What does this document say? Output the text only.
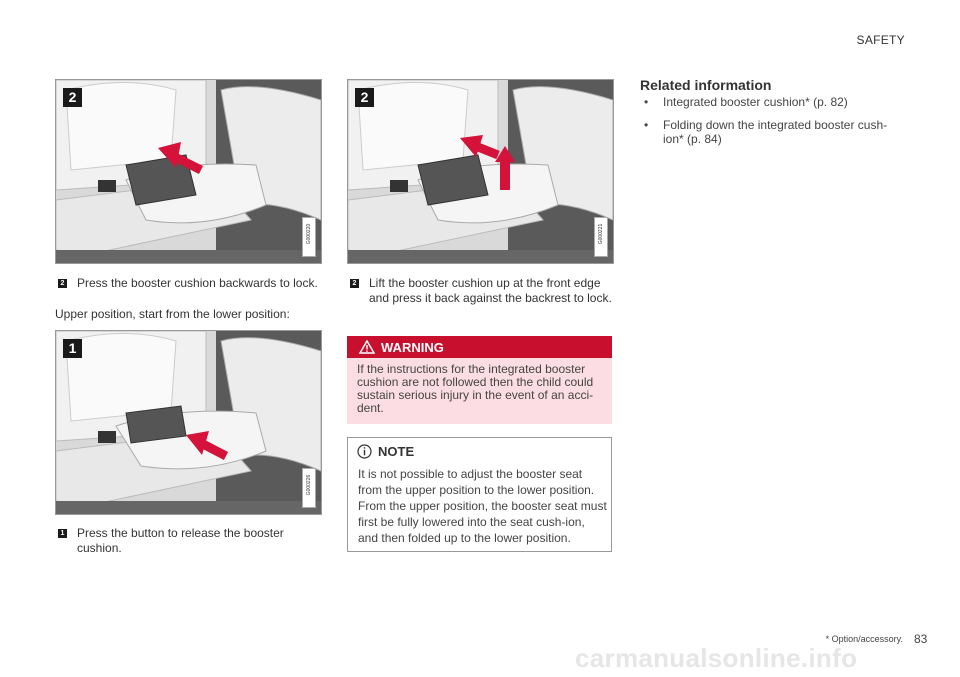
SAFETY
2
G000220
2
G000221
1
G000226
2 Press the booster cushion backwards to lock.
Upper position, start from the lower position:
2 Lift the booster cushion up at the front edge and press it back against the backrest to lock.
1 Press the button to release the booster cushion.
WARNING
If the instructions for the integrated booster cushion are not followed then the child could sustain serious injury in the event of an acci-dent.
NOTE
It is not possible to adjust the booster seat from the upper position to the lower position. From the upper position, the booster seat must first be fully lowered into the seat cush-ion, and then folded up to the lower position.
Related information
• Integrated booster cushion* (p. 82)
• Folding down the integrated booster cush-ion* (p. 84)
* Option/accessory. 83
carmanualsonline.info
